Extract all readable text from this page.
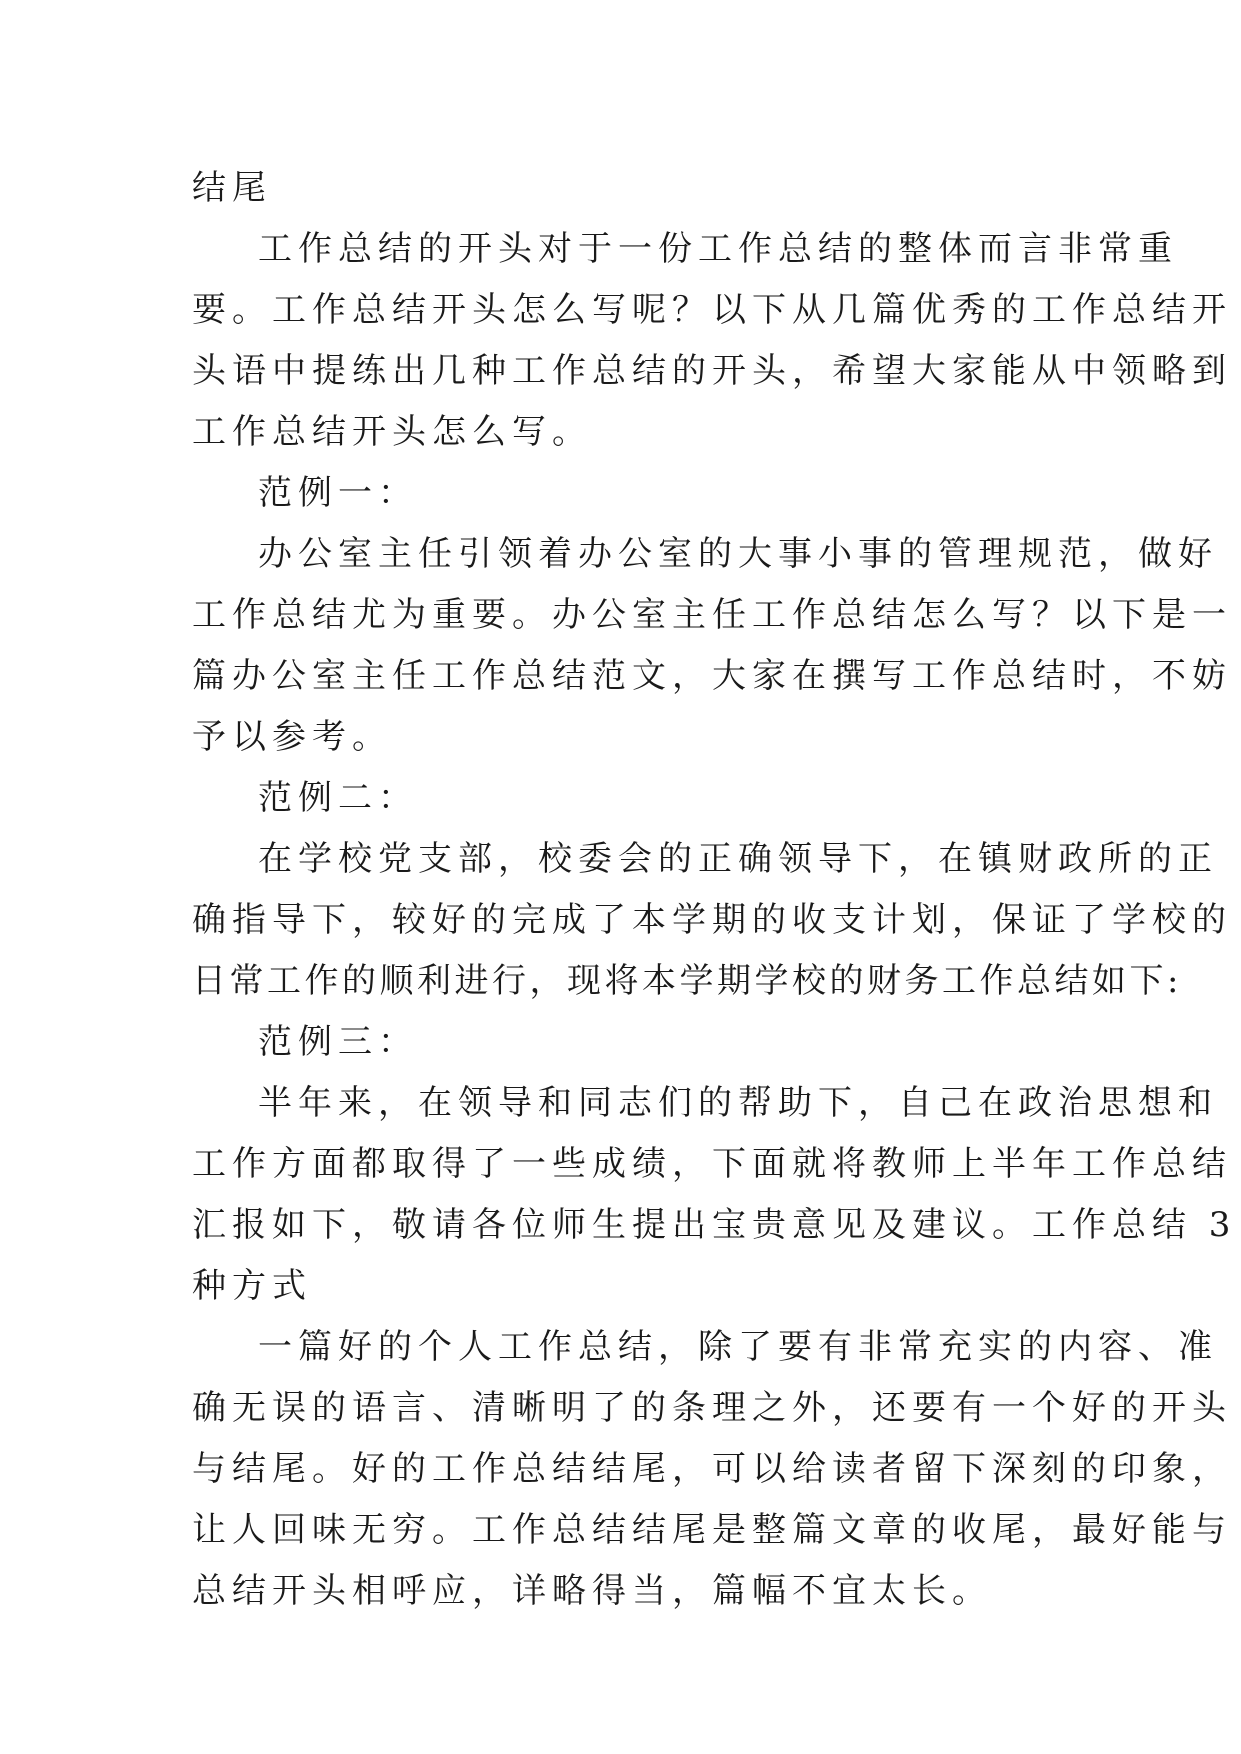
结尾

工作总结的开头对于一份工作总结的整体而言非常重

要。工作总结开头怎么写呢？以下从几篇优秀的工作总结开

头语中提练出几种工作总结的开头，希望大家能从中领略到

工作总结开头怎么写。

范例一：

办公室主任引领着办公室的大事小事的管理规范，做好

工作总结尤为重要。办公室主任工作总结怎么写？以下是一

篇办公室主任工作总结范文，大家在撰写工作总结时，不妨

予以参考。

范例二：

在学校党支部，校委会的正确领导下，在镇财政所的正

确指导下，较好的完成了本学期的收支计划，保证了学校的

日常工作的顺利进行，现将本学期学校的财务工作总结如下:

范例三：

半年来，在领导和同志们的帮助下，自己在政治思想和

工作方面都取得了一些成绩，下面就将教师上半年工作总结

汇报如下，敬请各位师生提出宝贵意见及建议。工作总结 3

种方式

一篇好的个人工作总结，除了要有非常充实的内容、准

确无误的语言、清晰明了的条理之外，还要有一个好的开头

与结尾。好的工作总结结尾，可以给读者留下深刻的印象，

让人回味无穷。工作总结结尾是整篇文章的收尾，最好能与

总结开头相呼应，详略得当，篇幅不宜太长。
